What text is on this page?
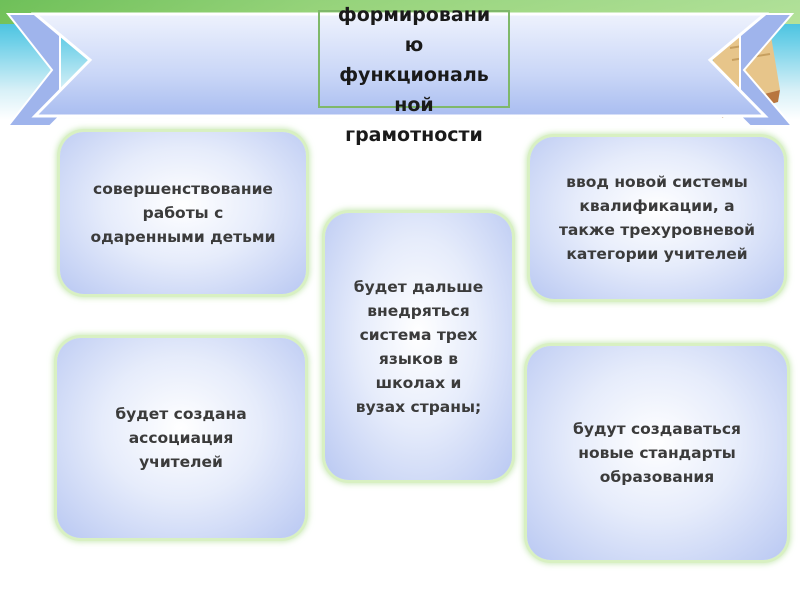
формировани
ю
функциональ
ной
грамотности
совершенствование
работы с
одаренными детьми
будет дальше
внедряться
система трех
языков в
школах и
вузах страны;
ввод новой системы
квалификации, а
также трехуровневой
категории учителей
будет создана
ассоциация
учителей
будут создаваться
новые стандарты
образования
